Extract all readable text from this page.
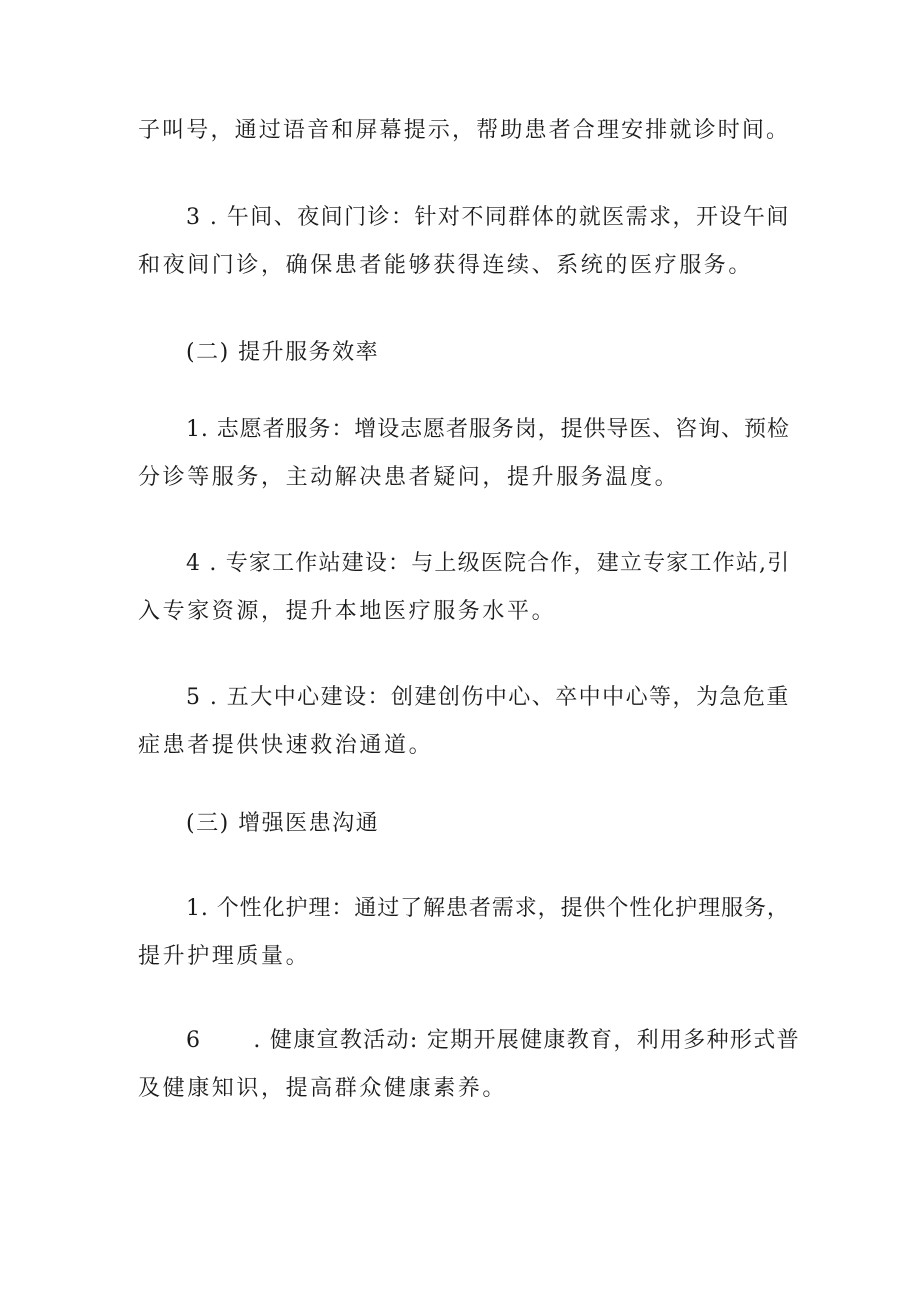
子叫号，通过语音和屏幕提示，帮助患者合理安排就诊时间。
3 . 午间、夜间门诊：针对不同群体的就医需求，开设午间
和夜间门诊，确保患者能够获得连续、系统的医疗服务。
(二) 提升服务效率
1. 志愿者服务：增设志愿者服务岗，提供导医、咨询、预检
分诊等服务，主动解决患者疑问，提升服务温度。
4 . 专家工作站建设：与上级医院合作，建立专家工作站,引
入专家资源，提升本地医疗服务水平。
5 . 五大中心建设：创建创伤中心、卒中中心等，为急危重
症患者提供快速救治通道。
(三) 增强医患沟通
1. 个性化护理：通过了解患者需求，提供个性化护理服务，
提升护理质量。
6 . 健康宣教活动: 定期开展健康教育，利用多种形式普
及健康知识，提高群众健康素养。
